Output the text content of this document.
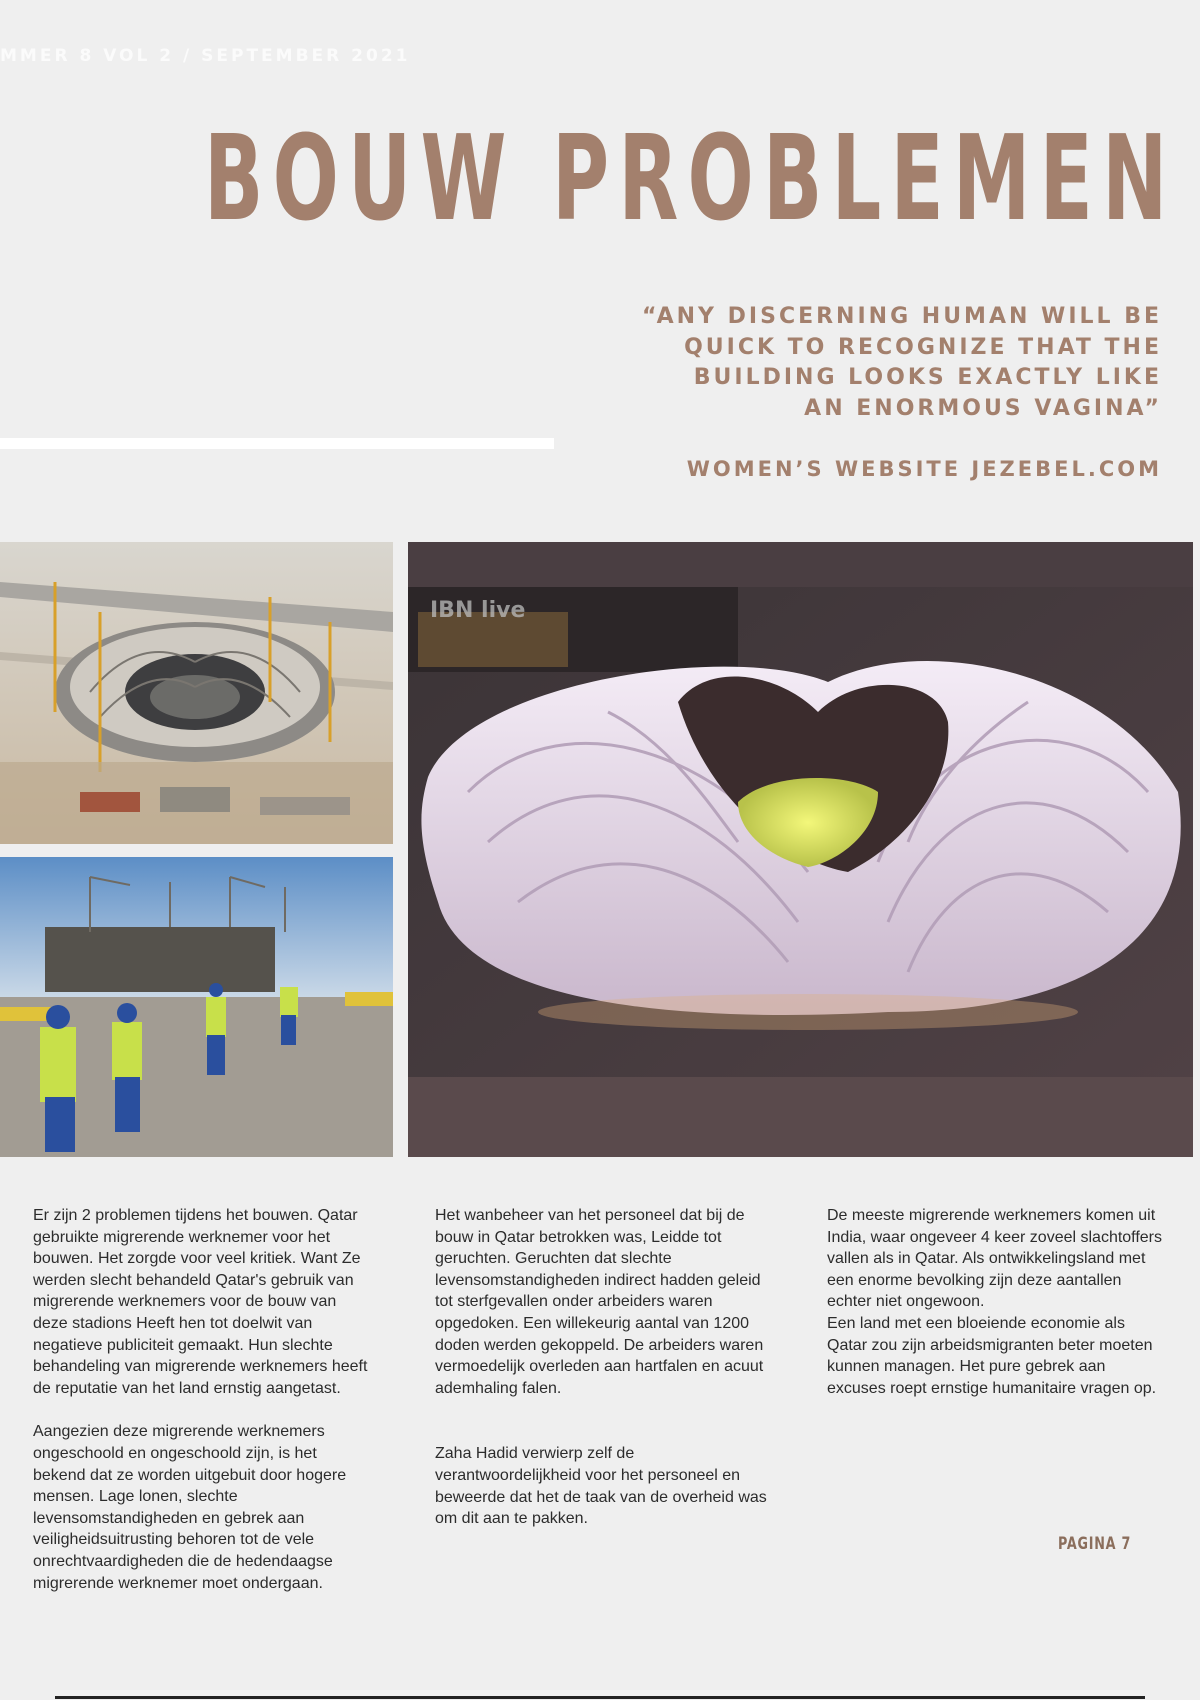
MMER 8 VOL 2 / SEPTEMBER 2021
BOUW PROBLEMEN
“ANY DISCERNING HUMAN WILL BE QUICK TO RECOGNIZE THAT THE BUILDING LOOKS EXACTLY LIKE AN ENORMOUS VAGINA”
WOMEN’S WEBSITE JEZEBEL.COM
IBN live

Er zijn 2 problemen tijdens het bouwen. Qatar gebruikte migrerende werknemer voor het bouwen. Het zorgde voor veel kritiek. Want Ze werden slecht behandeld Qatar's gebruik van migrerende werknemers voor de bouw van deze stadions Heeft hen tot doelwit van negatieve publiciteit gemaakt. Hun slechte behandeling van migrerende werknemers heeft de reputatie van het land ernstig aangetast.

Aangezien deze migrerende werknemers ongeschoold en ongeschoold zijn, is het bekend dat ze worden uitgebuit door hogere mensen. Lage lonen, slechte levensomstandigheden en gebrek aan veiligheidsuitrusting behoren tot de vele onrechtvaardigheden die de hedendaagse migrerende werknemer moet ondergaan.

Het wanbeheer van het personeel dat bij de bouw in Qatar betrokken was, Leidde tot geruchten. Geruchten dat slechte levensomstandigheden indirect hadden geleid tot sterfgevallen onder arbeiders waren opgedoken. Een willekeurig aantal van 1200 doden werden gekoppeld. De arbeiders waren vermoedelijk overleden aan hartfalen en acuut ademhaling falen.

Zaha Hadid verwierp zelf de verantwoordelijkheid voor het personeel en beweerde dat het de taak van de overheid was om dit aan te pakken.

De meeste migrerende werknemers komen uit India, waar ongeveer 4 keer zoveel slachtoffers vallen als in Qatar. Als ontwikkelingsland met een enorme bevolking zijn deze aantallen echter niet ongewoon.

Een land met een bloeiende economie als Qatar zou zijn arbeidsmigranten beter moeten kunnen managen. Het pure gebrek aan excuses roept ernstige humanitaire vragen op.

PAGINA 7
